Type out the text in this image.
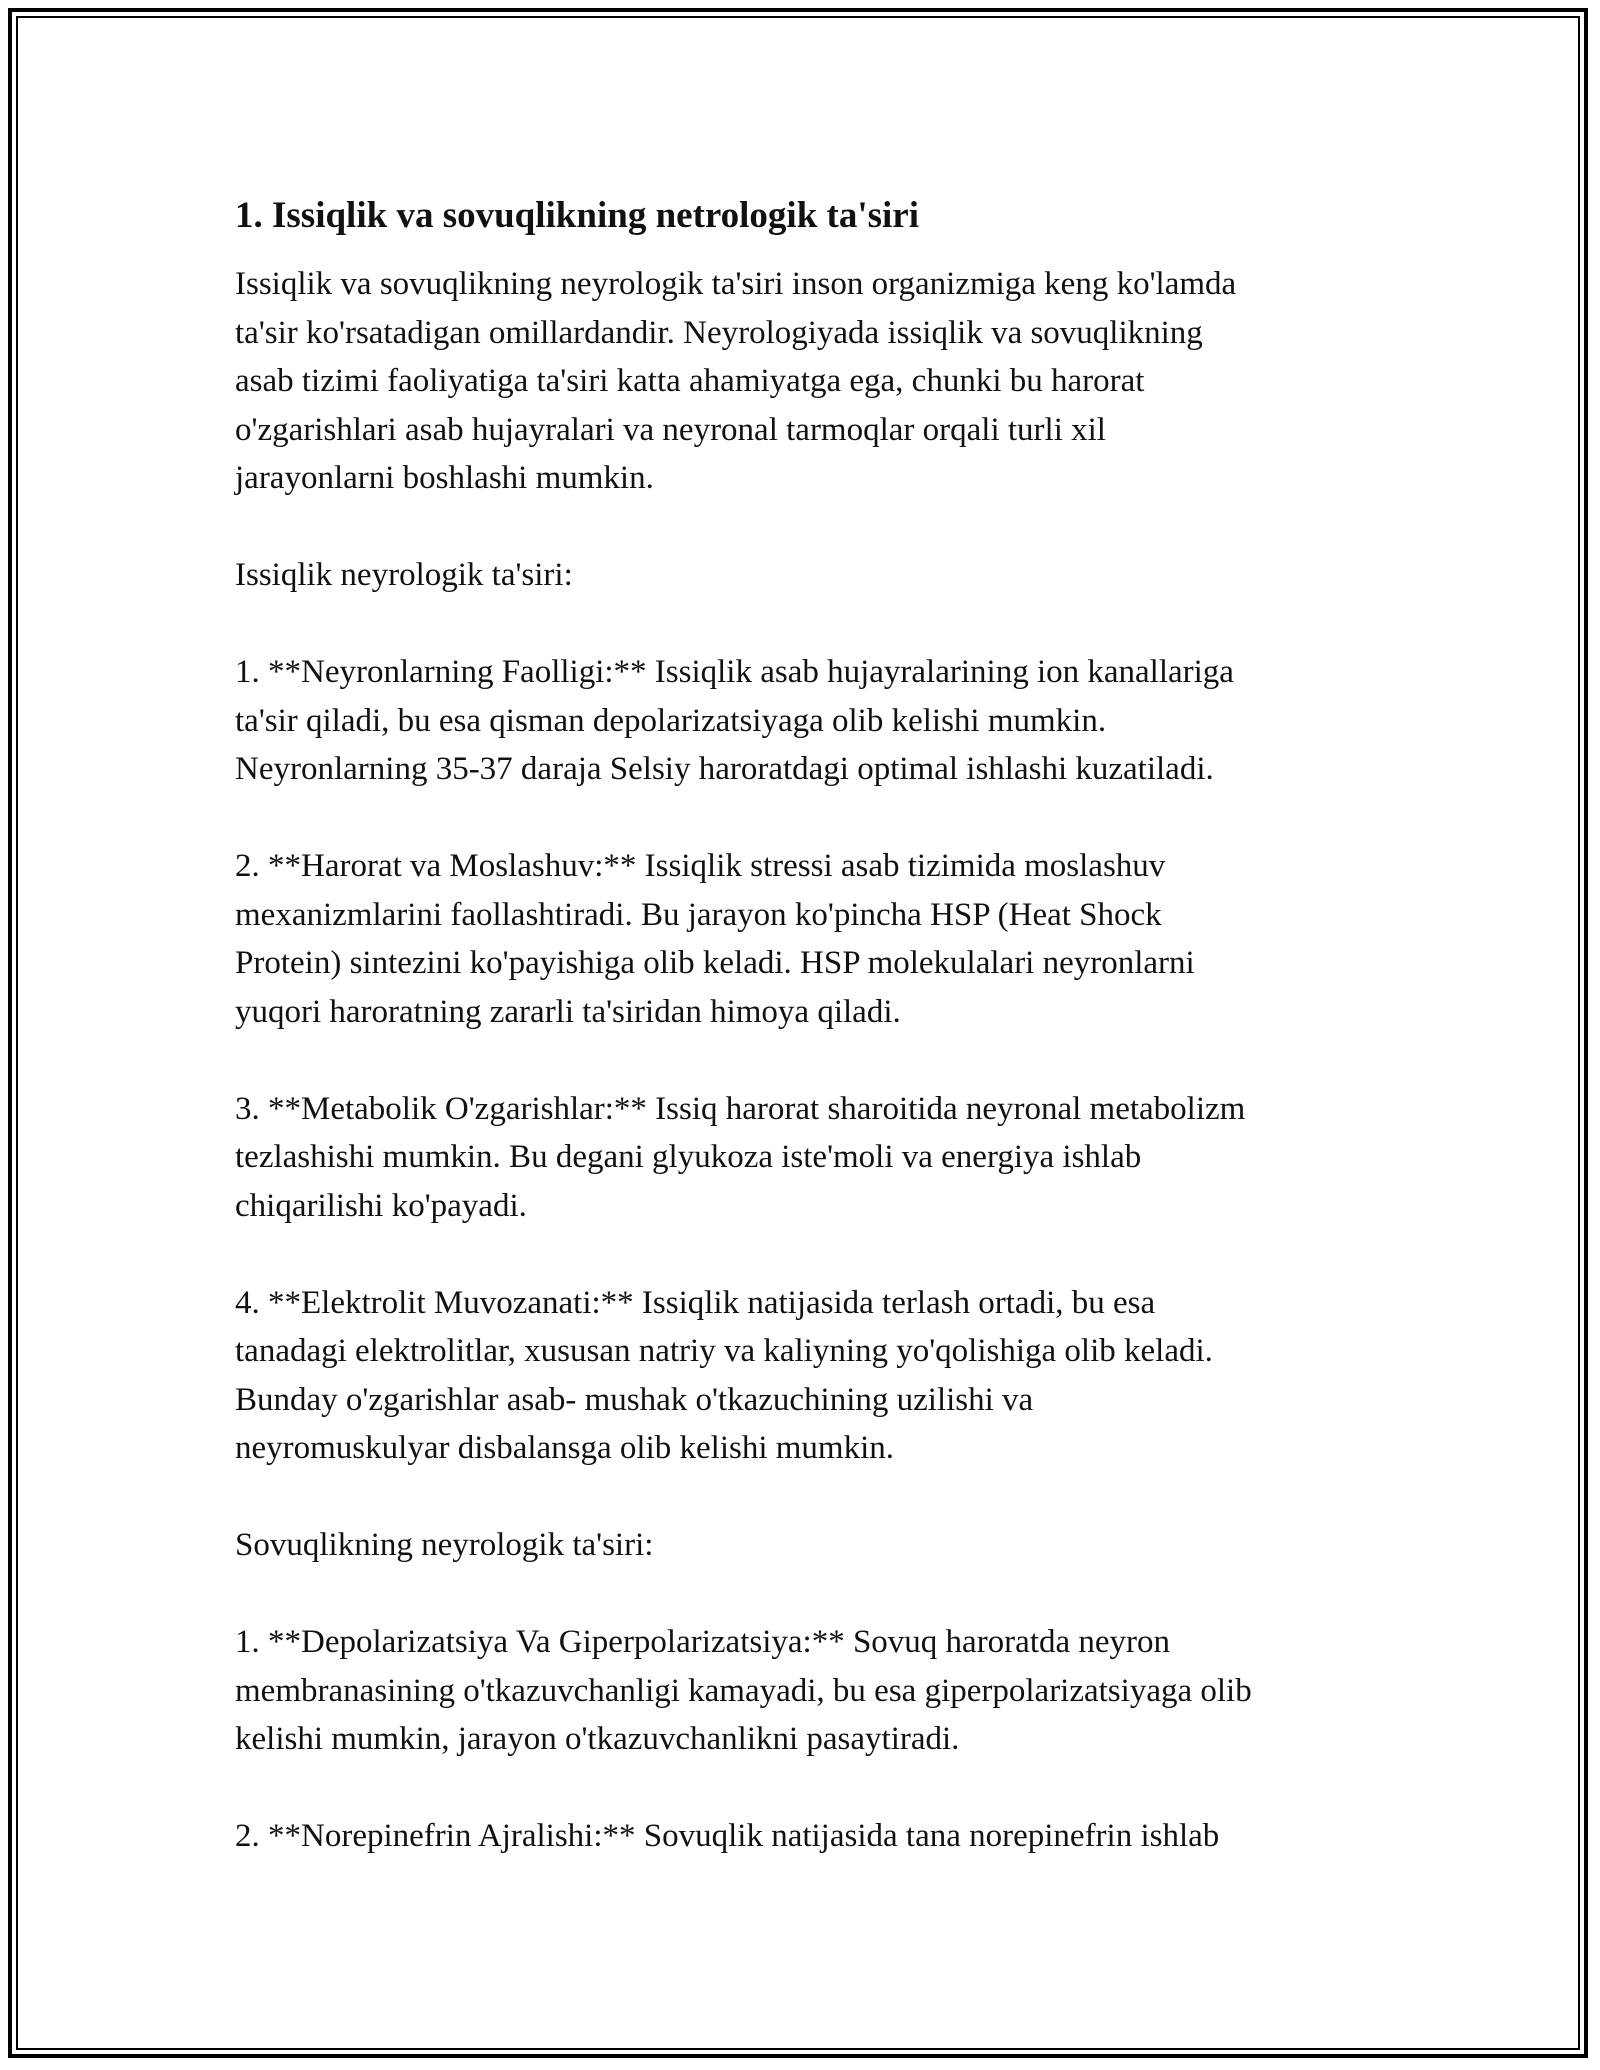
1. Issiqlik va sovuqlikning netrologik ta'siri

Issiqlik va sovuqlikning neyrologik ta'siri inson organizmiga keng ko'lamda
ta'sir ko'rsatadigan omillardandir. Neyrologiyada issiqlik va sovuqlikning
asab tizimi faoliyatiga ta'siri katta ahamiyatga ega, chunki bu harorat
o'zgarishlari asab hujayralari va neyronal tarmoqlar orqali turli xil
jarayonlarni boshlashi mumkin.

Issiqlik neyrologik ta'siri:

1. **Neyronlarning Faolligi:** Issiqlik asab hujayralarining ion kanallariga
ta'sir qiladi, bu esa qisman depolarizatsiyaga olib kelishi mumkin.
Neyronlarning 35-37 daraja Selsiy haroratdagi optimal ishlashi kuzatiladi.

2. **Harorat va Moslashuv:** Issiqlik stressi asab tizimida moslashuv
mexanizmlarini faollashtiradi. Bu jarayon ko'pincha HSP (Heat Shock
Protein) sintezini ko'payishiga olib keladi. HSP molekulalari neyronlarni
yuqori haroratning zararli ta'siridan himoya qiladi.

3. **Metabolik O'zgarishlar:** Issiq harorat sharoitida neyronal metabolizm
tezlashishi mumkin. Bu degani glyukoza iste'moli va energiya ishlab
chiqarilishi ko'payadi.

4. **Elektrolit Muvozanati:** Issiqlik natijasida terlash ortadi, bu esa
tanadagi elektrolitlar, xususan natriy va kaliyning yo'qolishiga olib keladi.
Bunday o'zgarishlar asab- mushak o'tkazuchining uzilishi va
neyromuskulyar disbalansga olib kelishi mumkin.

Sovuqlikning neyrologik ta'siri:

1. **Depolarizatsiya Va Giperpolarizatsiya:** Sovuq haroratda neyron
membranasining o'tkazuvchanligi kamayadi, bu esa giperpolarizatsiyaga olib
kelishi mumkin, jarayon o'tkazuvchanlikni pasaytiradi.

2. **Norepinefrin Ajralishi:** Sovuqlik natijasida tana norepinefrin ishlab
